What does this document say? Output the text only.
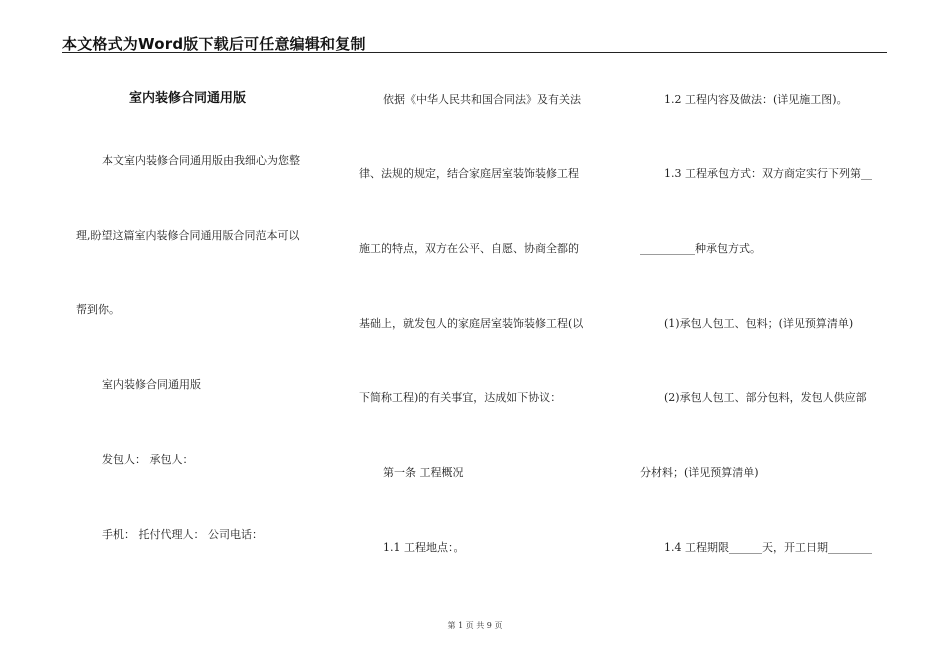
本文格式为Word版下载后可任意编辑和复制
室内装修合同通用版
本文室内装修合同通用版由我细心为您整
理,盼望这篇室内装修合同通用版合同范本可以
帮到你。
室内装修合同通用版
发包人： 承包人：
手机： 托付代理人： 公司电话：
依据《中华人民共和国合同法》及有关法
律、法规的规定，结合家庭居室装饰装修工程
施工的特点，双方在公平、自愿、协商全都的
基础上，就发包人的家庭居室装饰装修工程(以
下简称工程)的有关事宜，达成如下协议：
第一条 工程概况
1.1 工程地点：。
1.2 工程内容及做法：(详见施工图)。
1.3 工程承包方式：双方商定实行下列第__
__________种承包方式。
(1)承包人包工、包料；(详见预算清单)
(2)承包人包工、部分包料，发包人供应部
分材料；(详见预算清单)
1.4 工程期限______天，开工日期________
第 1 页 共 9 页
